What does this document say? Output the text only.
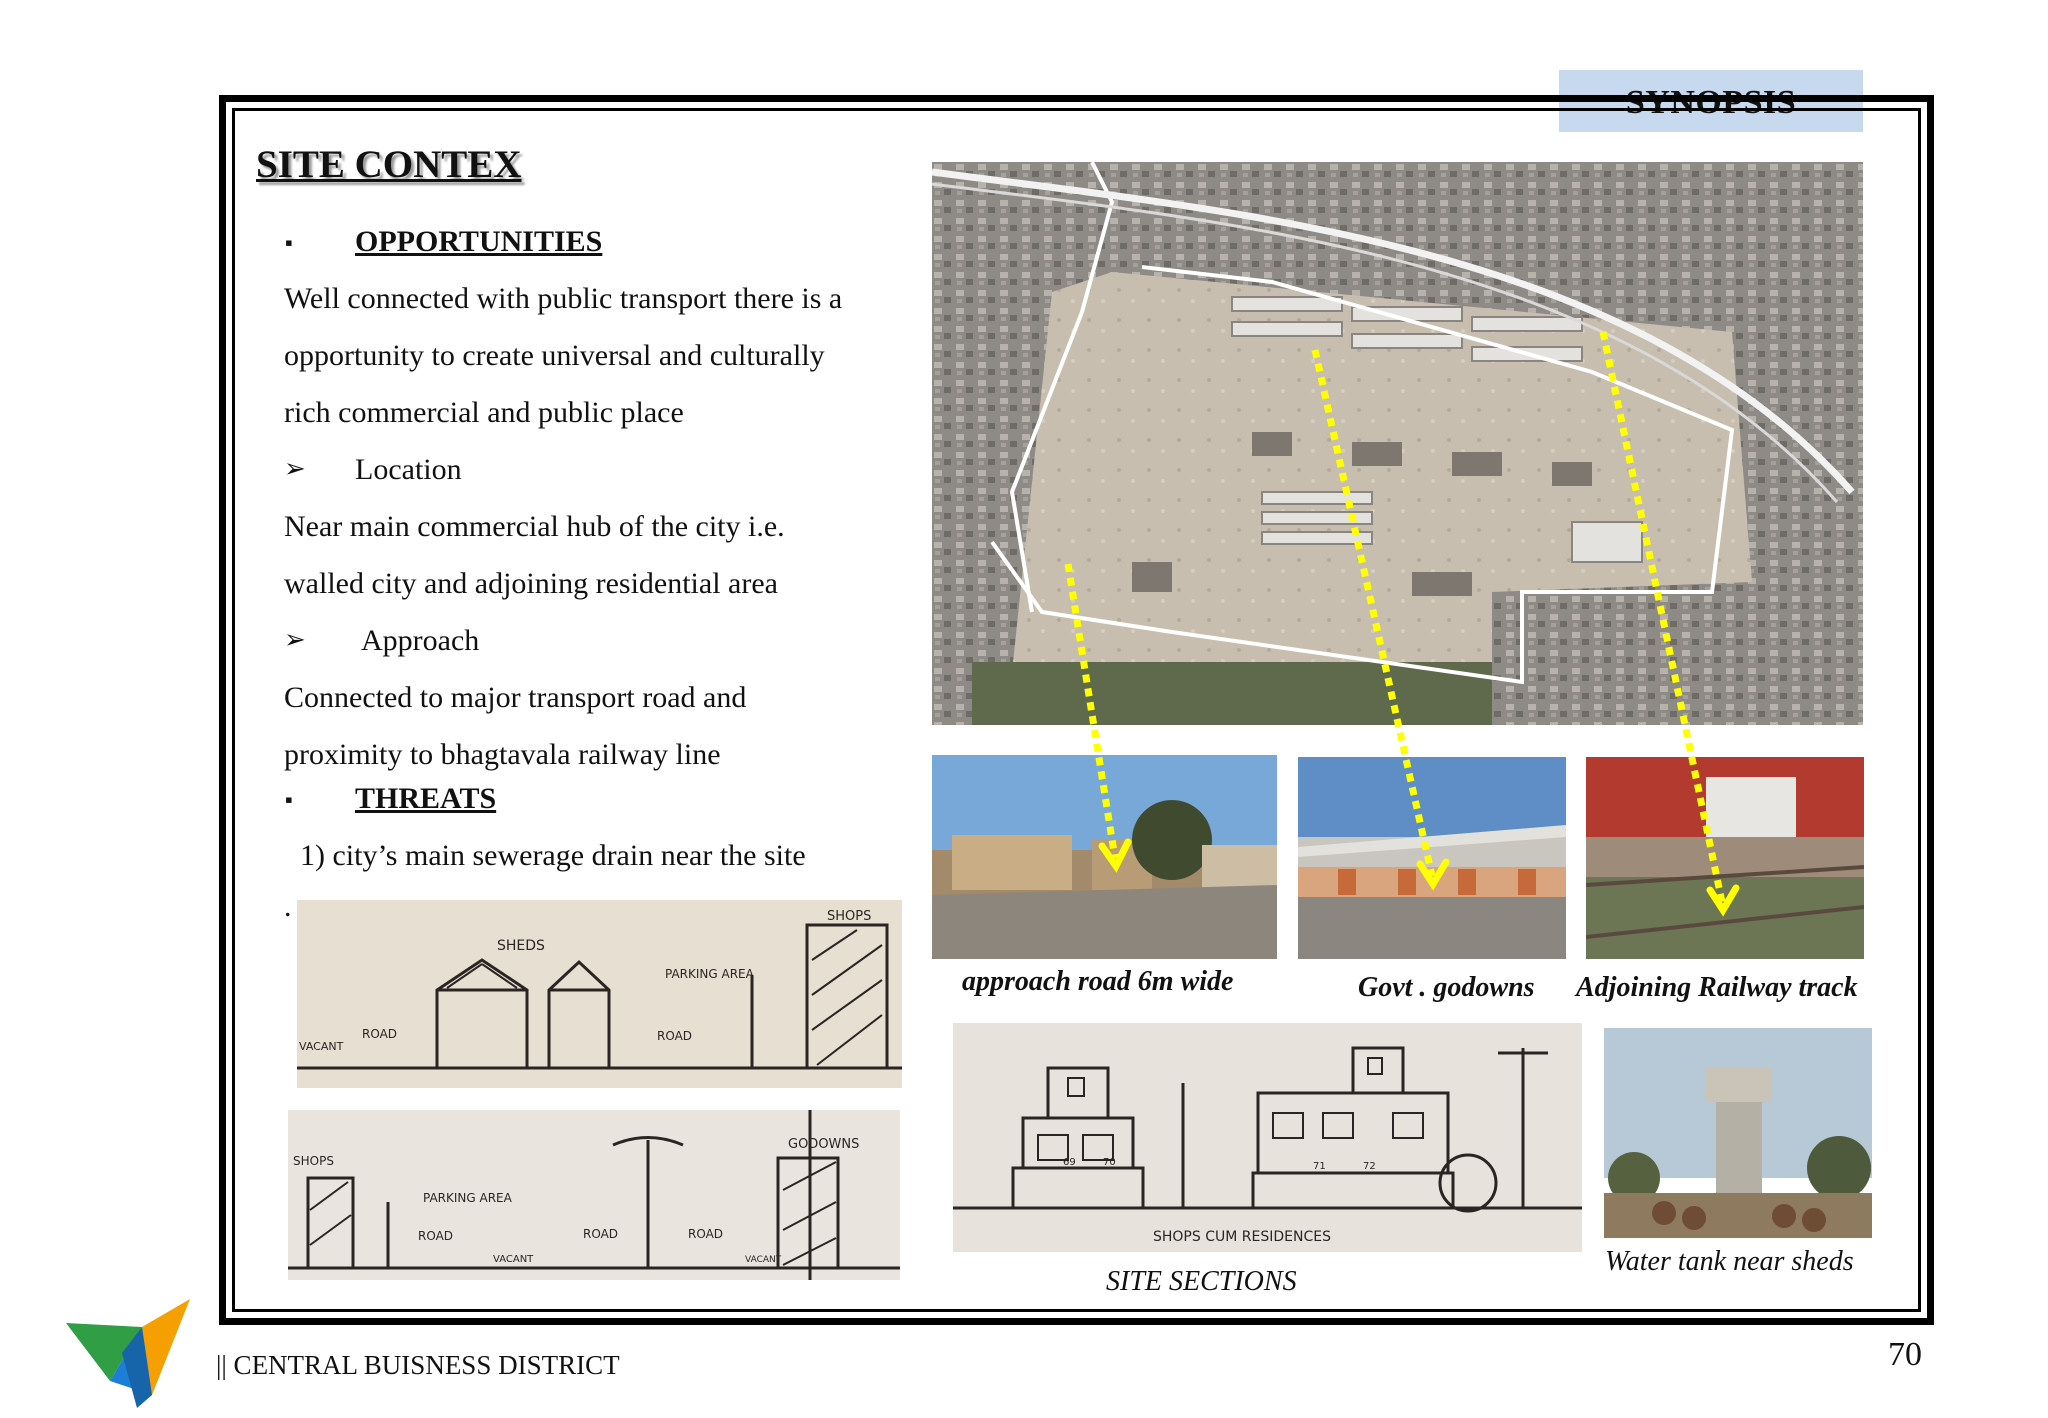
SYNOPSIS
SITE CONTEX
▪ OPPORTUNITIES
Well connected with public transport there is a
opportunity to create universal and culturally
rich commercial and public place
➢ Location
Near main commercial hub of the city i.e.
walled city and adjoining residential area
➢ Approach
Connected to major transport road and
proximity to bhagtavala railway line
▪ THREATS
1) city’s main sewerage drain near the site
.
SHEDS
SHOPS
PARKING AREA
ROAD	ROAD
VACANT
SHOPS
PARKING AREA
ROAD	ROAD	ROAD
VACANT	VACANT
GODOWNS
69	70	71	72
SHOPS CUM RESIDENCES
approach road 6m wide	Govt . godowns Adjoining Railway track
SITE SECTIONS
Water tank near sheds
|| CENTRAL BUISNESS DISTRICT	70
